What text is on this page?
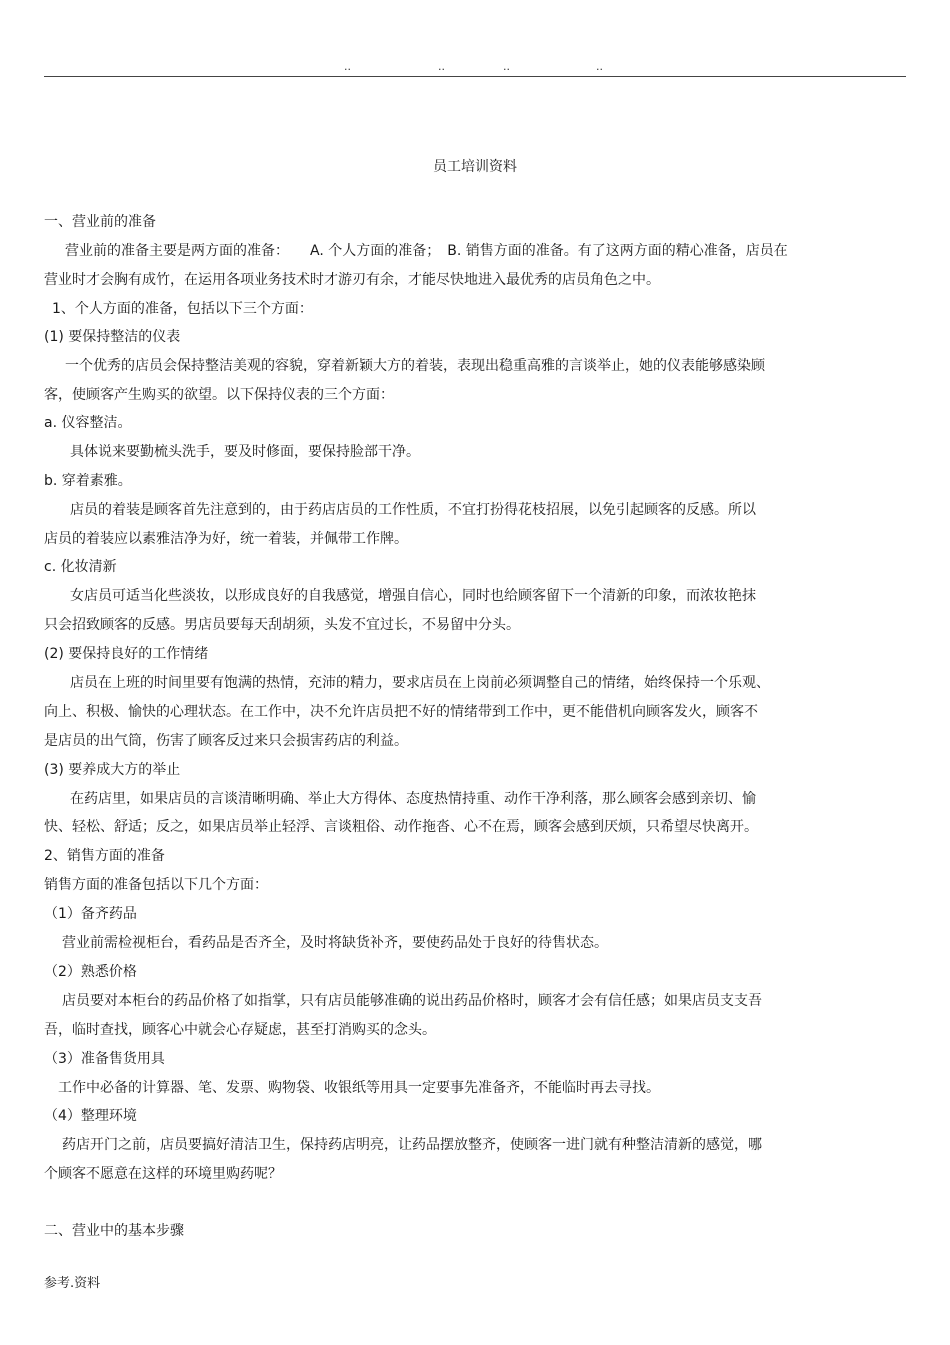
..	..	..	..
员工培训资料
一、营业前的准备
营业前的准备主要是两方面的准备：　　A. 个人方面的准备；　B. 销售方面的准备。有了这两方面的精心准备，店员在
营业时才会胸有成竹，在运用各项业务技术时才游刃有余，才能尽快地进入最优秀的店员角色之中。
1、个人方面的准备，包括以下三个方面：
(1) 要保持整洁的仪表
一个优秀的店员会保持整洁美观的容貌，穿着新颖大方的着装，表现出稳重高雅的言谈举止，她的仪表能够感染顾
客，使顾客产生购买的欲望。以下保持仪表的三个方面：
a. 仪容整洁。
具体说来要勤梳头洗手，要及时修面，要保持脸部干净。
b. 穿着素雅。
店员的着装是顾客首先注意到的，由于药店店员的工作性质，不宜打扮得花枝招展，以免引起顾客的反感。所以
店员的着装应以素雅洁净为好，统一着装，并佩带工作牌。
c. 化妆清新
女店员可适当化些淡妆，以形成良好的自我感觉，增强自信心，同时也给顾客留下一个清新的印象，而浓妆艳抹
只会招致顾客的反感。男店员要每天刮胡须，头发不宜过长，不易留中分头。
(2) 要保持良好的工作情绪
店员在上班的时间里要有饱满的热情，充沛的精力，要求店员在上岗前必须调整自己的情绪，始终保持一个乐观、
向上、积极、愉快的心理状态。在工作中，决不允许店员把不好的情绪带到工作中，更不能借机向顾客发火，顾客不
是店员的出气筒，伤害了顾客反过来只会损害药店的利益。
(3) 要养成大方的举止
在药店里，如果店员的言谈清晰明确、举止大方得体、态度热情持重、动作干净利落，那么顾客会感到亲切、愉
快、轻松、舒适；反之，如果店员举止轻浮、言谈粗俗、动作拖沓、心不在焉，顾客会感到厌烦，只希望尽快离开。
2、销售方面的准备
销售方面的准备包括以下几个方面：
（1）备齐药品
营业前需检视柜台，看药品是否齐全，及时将缺货补齐，要使药品处于良好的待售状态。
（2）熟悉价格
店员要对本柜台的药品价格了如指掌，只有店员能够准确的说出药品价格时，顾客才会有信任感；如果店员支支吾
吾，临时查找，顾客心中就会心存疑虑，甚至打消购买的念头。
（3）准备售货用具
工作中必备的计算器、笔、发票、购物袋、收银纸等用具一定要事先准备齐，不能临时再去寻找。
（4）整理环境
药店开门之前，店员要搞好清洁卫生，保持药店明亮，让药品摆放整齐，使顾客一进门就有种整洁清新的感觉，哪
个顾客不愿意在这样的环境里购药呢？
二、营业中的基本步骤
参考.资料
